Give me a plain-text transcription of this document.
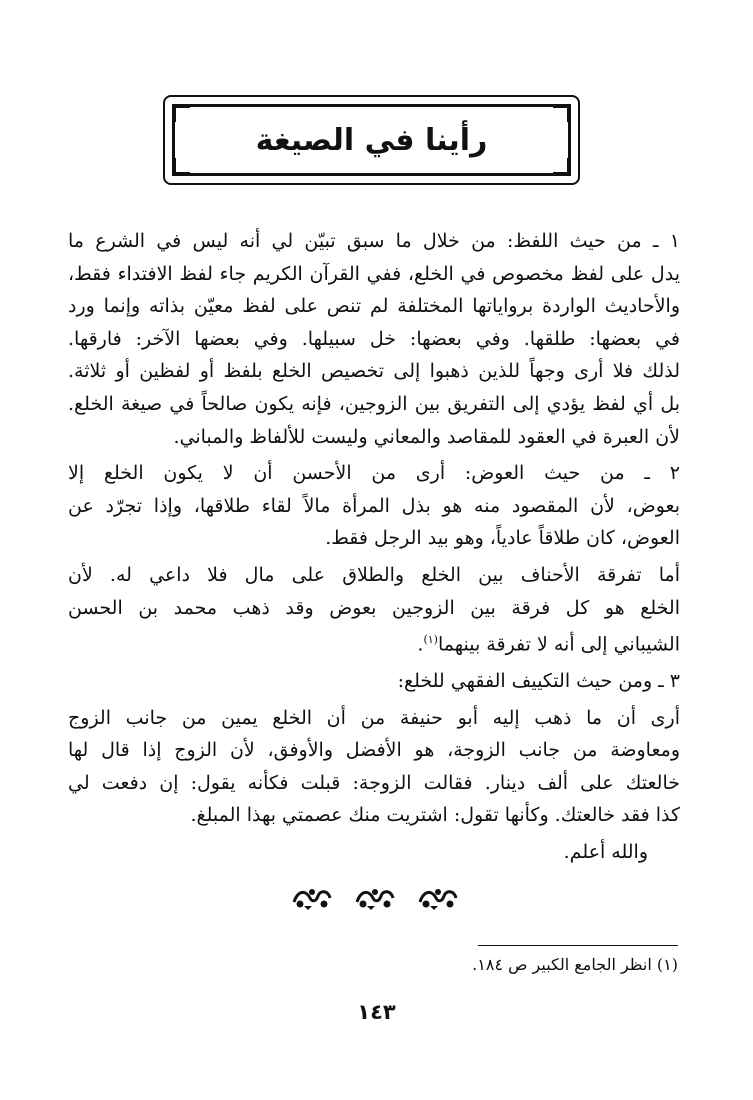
رأينا في الصيغة

١ ـ من حيث اللفظ: من خلال ما سبق تبيّن لي أنه ليس في الشرع ما
يدل على لفظ مخصوص في الخلع، ففي القرآن الكريم جاء لفظ الافتداء فقط،
والأحاديث الواردة برواياتها المختلفة لم تنص على لفظ معيّن بذاته وإنما ورد
في بعضها: طلقها. وفي بعضها: خل سبيلها. وفي بعضها الآخر: فارقها.
لذلك فلا أرى وجهاً للذين ذهبوا إلى تخصيص الخلع بلفظ أو لفظين أو ثلاثة.
بل أي لفظ يؤدي إلى التفريق بين الزوجين، فإنه يكون صالحاً في صيغة الخلع.
لأن العبرة في العقود للمقاصد والمعاني وليست للألفاظ والمباني.

٢ ـ من حيث العوض: أرى من الأحسن أن لا يكون الخلع إلا
بعوض، لأن المقصود منه هو بذل المرأة مالاً لقاء طلاقها، وإذا تجرّد عن
العوض، كان طلاقاً عادياً، وهو بيد الرجل فقط.

أما تفرقة الأحناف بين الخلع والطلاق على مال فلا داعي له. لأن
الخلع هو كل فرقة بين الزوجين بعوض وقد ذهب محمد بن الحسن
الشيباني إلى أنه لا تفرقة بينهما$^{(١)}$.

٣ ـ ومن حيث التكييف الفقهي للخلع:

أرى أن ما ذهب إليه أبو حنيفة من أن الخلع يمين من جانب الزوج
ومعاوضة من جانب الزوجة، هو الأفضل والأوفق، لأن الزوج إذا قال لها
خالعتك على ألف دينار. فقالت الزوجة: قبلت فكأنه يقول: إن دفعت لي
كذا فقد خالعتك. وكأنها تقول: اشتريت منك عصمتي بهذا المبلغ.

والله أعلم.

(١) انظر الجامع الكبير ص ١٨٤.
١٤٣
